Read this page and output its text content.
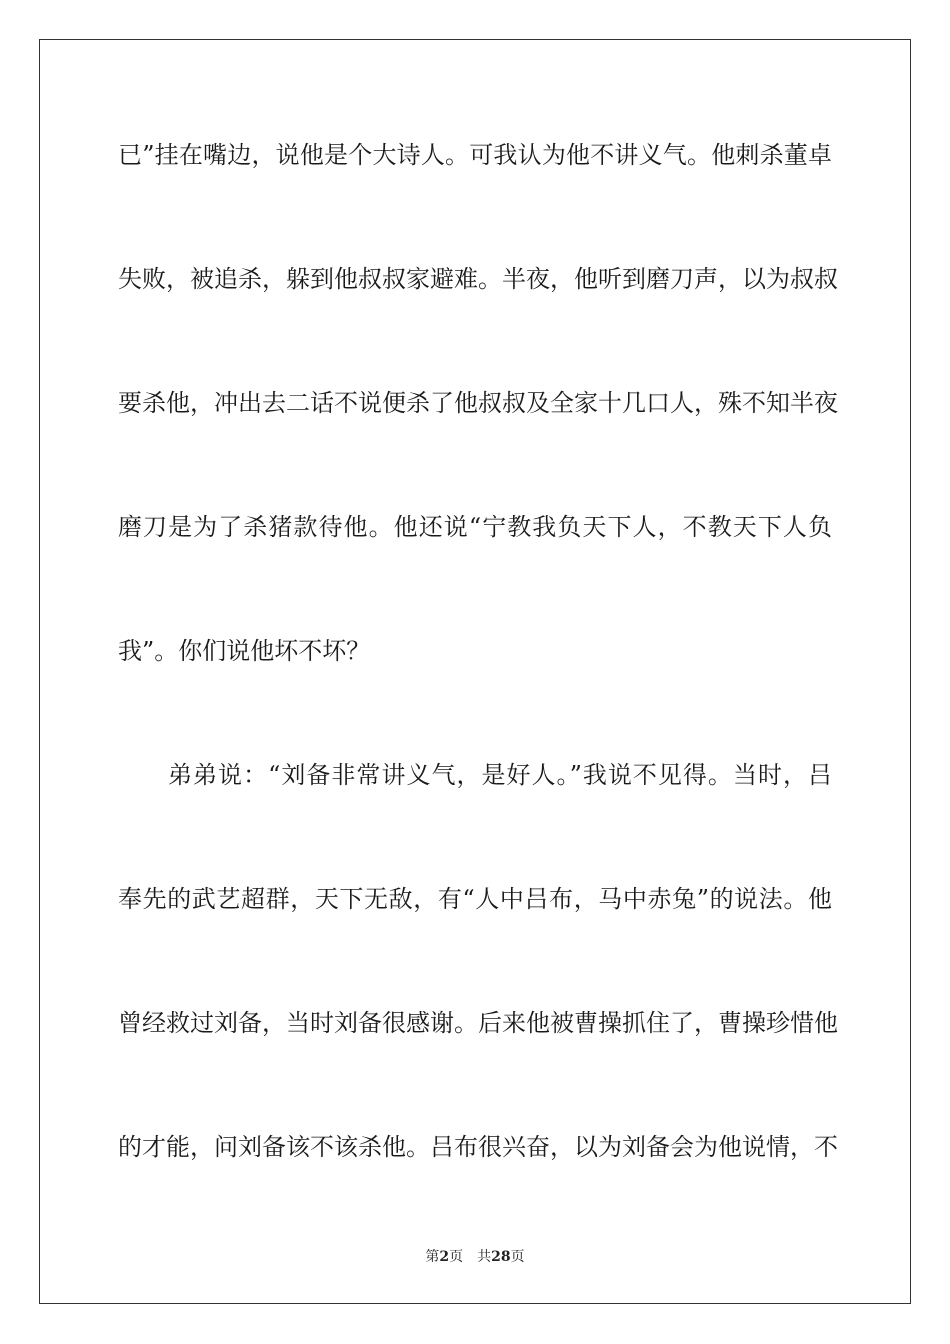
已”挂在嘴边，说他是个大诗人。可我认为他不讲义气。他刺杀董卓
失败，被追杀，躲到他叔叔家避难。半夜，他听到磨刀声，以为叔叔
要杀他，冲出去二话不说便杀了他叔叔及全家十几口人，殊不知半夜
磨刀是为了杀猪款待他。他还说“宁教我负天下人，不教天下人负
我”。你们说他坏不坏？
　　弟弟说：“刘备非常讲义气，是好人。”我说不见得。当时，吕
奉先的武艺超群，天下无敌，有“人中吕布，马中赤兔”的说法。他
曾经救过刘备，当时刘备很感谢。后来他被曹操抓住了，曹操珍惜他
的才能，问刘备该不该杀他。吕布很兴奋，以为刘备会为他说情，不
第2页 共28页
